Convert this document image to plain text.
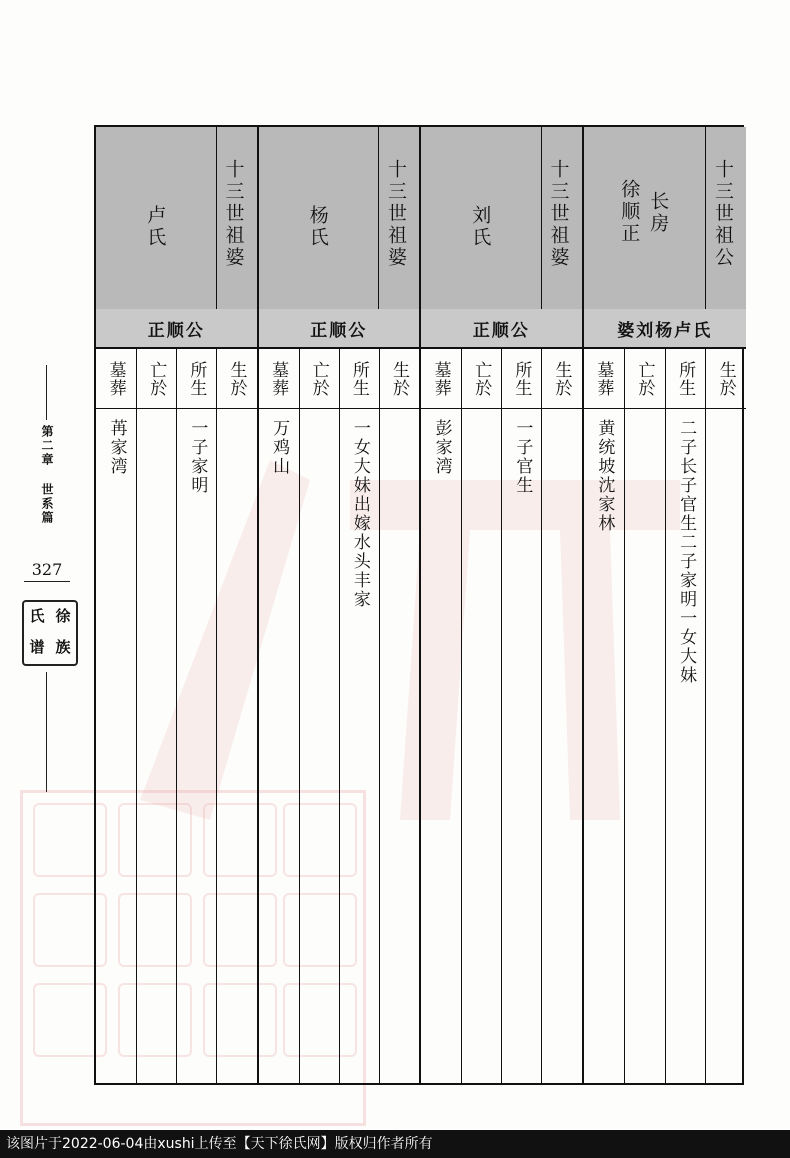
第二章 世系篇
327
氏 徐
谱 族
十三世祖公
长房
徐顺正
婆刘杨卢氏
生於
所生
二子长子官生二子家明一女大妹
亡於
墓葬
黄统坡沈家林
十三世祖婆
刘氏
正顺公
生於
所生
一子官生
亡於
墓葬
彭家湾
十三世祖婆
杨氏
正顺公
生於
所生
一女大妹出嫁水头丰家
亡於
墓葬
万鸡山
十三世祖婆
卢氏
正顺公
生於
所生
一子家明
亡於
墓葬
苒家湾
该图片于2022-06-04由xushi上传至【天下徐氏网】版权归作者所有
